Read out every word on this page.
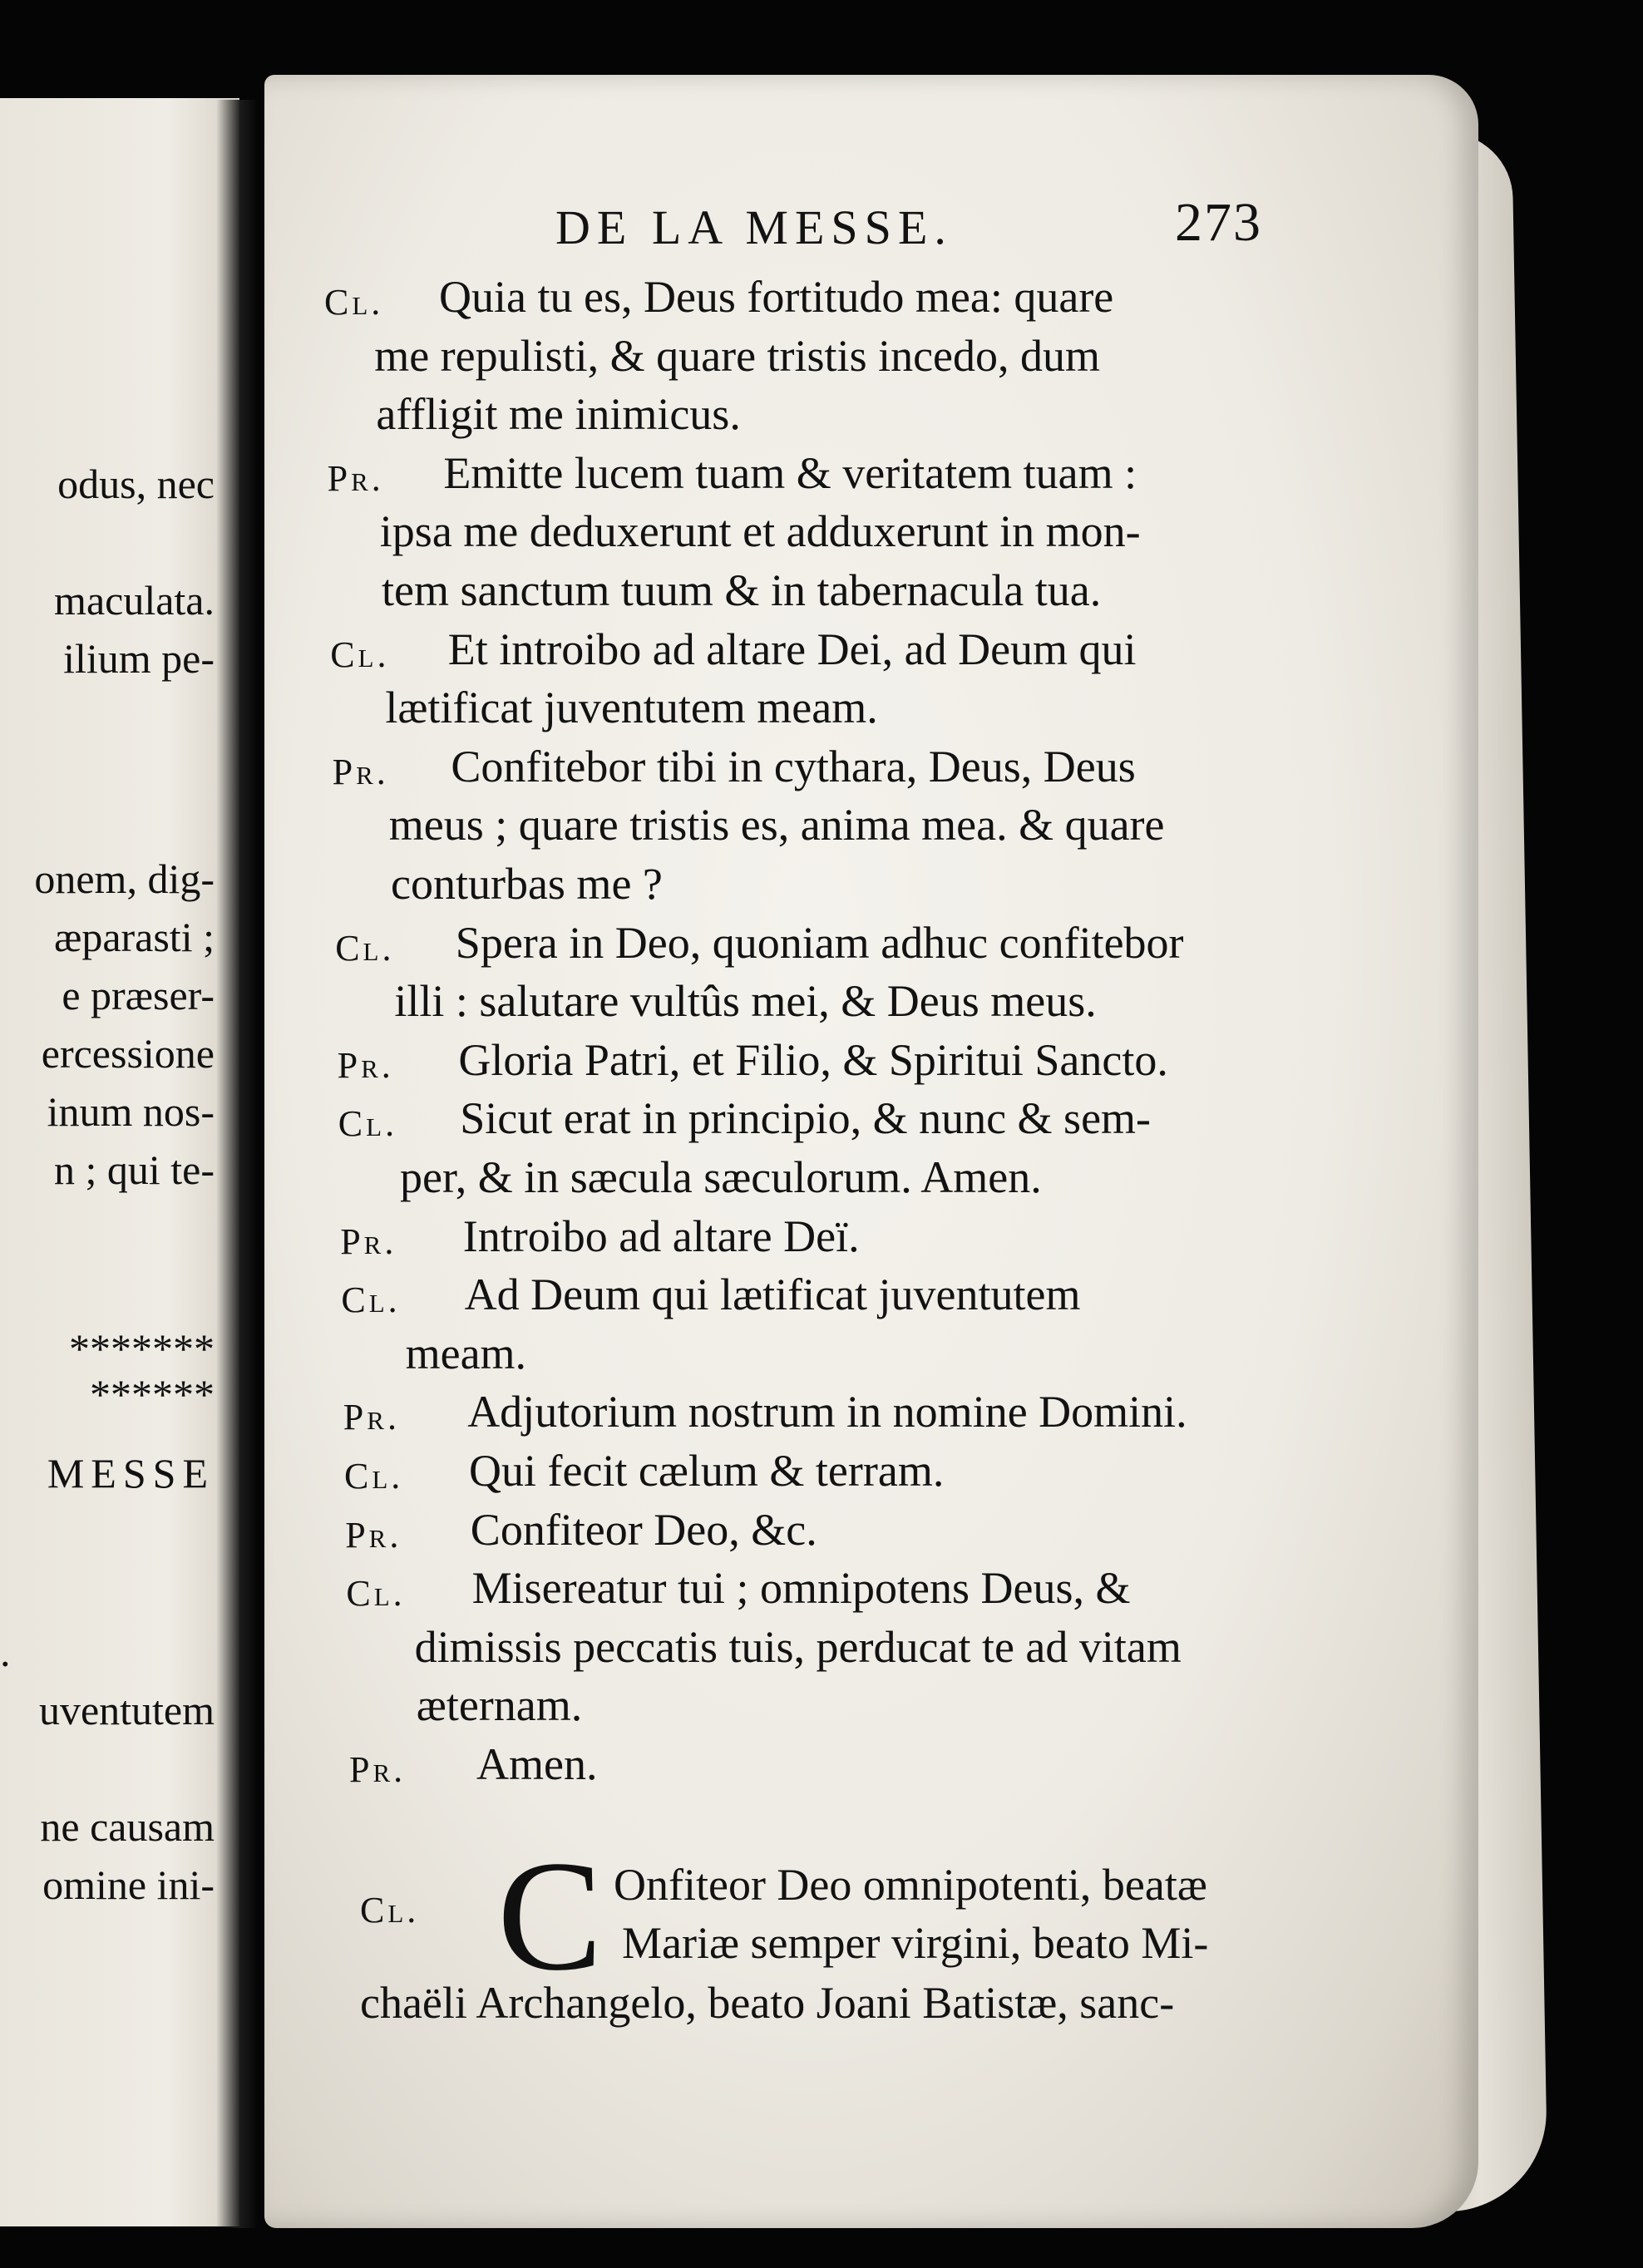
odus, nec
maculata.
ilium pe-
onem, dig-
æparasti ;
e præser-
ercessione
inum nos-
n ; qui te-
*******
******
MESSE
.
uventutem
ne causam
omine ini-
DE LA MESSE.	273
Cl. Quia tu es, Deus fortitudo mea: quare
me repulisti, & quare tristis incedo, dum
affligit me inimicus.
Pr. Emitte lucem tuam & veritatem tuam :
ipsa me deduxerunt et adduxerunt in mon-
tem sanctum tuum & in tabernacula tua.
Cl. Et introibo ad altare Dei, ad Deum qui
lætificat juventutem meam.
Pr. Confitebor tibi in cythara, Deus, Deus
meus ; quare tristis es, anima mea. & quare
conturbas me ?
Cl. Spera in Deo, quoniam adhuc confitebor
illi : salutare vultûs mei, & Deus meus.
Pr. Gloria Patri, et Filio, & Spiritui Sancto.
Cl. Sicut erat in principio, & nunc & sem-
per, & in sæcula sæculorum. Amen.
Pr. Introibo ad altare Deï.
Cl. Ad Deum qui lætificat juventutem
meam.
Pr. Adjutorium nostrum in nomine Domini.
Cl. Qui fecit cælum & terram.
Pr. Confiteor Deo, &c.
Cl. Misereatur tui ; omnipotens Deus, &
dimissis peccatis tuis, perducat te ad vitam
æternam.
Pr. Amen.
Cl. C Onfiteor Deo omnipotenti, beatæ
Mariæ semper virgini, beato Mi-
chaëli Archangelo, beato Joani Batistæ, sanc-
